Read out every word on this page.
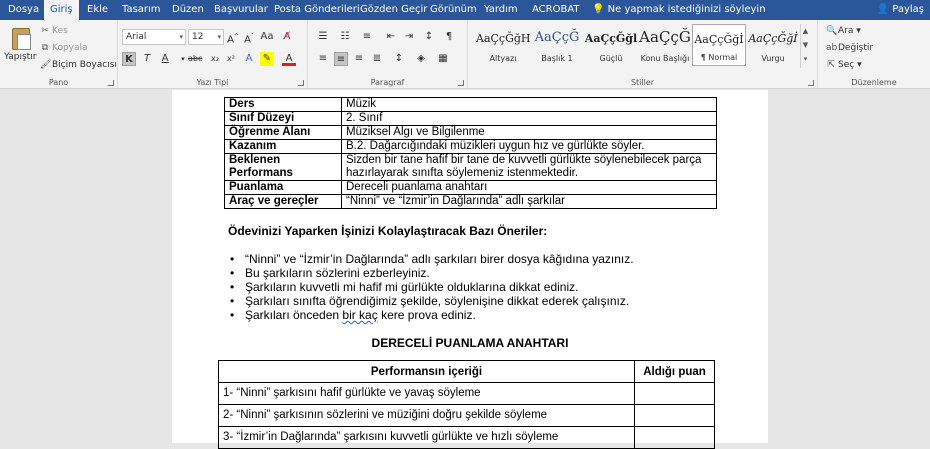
Dosya	Giriş	Ekle	Tasarım	Düzen	Başvurular Posta Gönderileri Gözden Geçir Görünüm Yardım	ACROBAT	💡 Ne yapmak istediğinizi söyleyin	👤 Paylaş
Yapıştır
✂ Kes
⧉ Kopyala
🖌Biçim Boyacısı
Pano
Arial	▾	12 ▾ A^ $A^ˇ$ Aa	A̸
K	T	A	▾ abc	x₂	x²	A	✎	A
Yazı Tipi
☰ ☷ ≡ ⇤ ⇥ ↕	¶
≡ ≡ ≡ ≣ ↕	◈	▦
Paragraf	Stiller
AaÇçĞğH
Altyazı
AaÇçĞ
Başlık 1
AaÇçĞğl
Güçlü
AaÇçĞ
Konu Başlığı
AaÇçĞğİ
¶ Normal
AaÇçĞğİ
Vurgu
▲
▼
▾
🔍Ara ▾
abDeğiştir
⇱ Seç ▾
Düzenleme
Ders	Müzik
Sınıf Düzeyi	2. Sınıf
Öğrenme Alanı	Müziksel Algı ve Bilgilenme
Kazanım	B.2. Dağarcığındaki müzikleri uygun hız ve gürlükte söyler.
Beklenen Performans	Sizden bir tane hafif bir tane de kuvvetli gürlükte söylenebilecek parça hazırlayarak sınıfta söylemeniz istenmektedir.
Puanlama	Dereceli puanlama anahtarı
Araç ve gereçler	“Ninni” ve “İzmir’in Dağlarında” adlı şarkılar
Ödevinizi Yaparken İşinizi Kolaylaştıracak Bazı Öneriler:
• “Ninni” ve “İzmir’in Dağlarında” adlı şarkıları birer dosya kâğıdına yazınız.
• Bu şarkıların sözlerini ezberleyiniz.
• Şarkıların kuvvetli mi hafif mi gürlükte olduklarına dikkat ediniz.
• Şarkıları sınıfta öğrendiğimiz şekilde, söylenişine dikkat ederek çalışınız.
• Şarkıları önceden bir kaç kere prova ediniz.
DERECELİ PUANLAMA ANAHTARI
Performansın içeriği	Aldığı puan
1- “Ninni” şarkısını hafif gürlükte ve yavaş söyleme	
2- “Ninni” şarkısının sözlerini ve müziğini doğru şekilde söyleme	
3- “İzmir’in Dağlarında” şarkısını kuvvetli gürlükte ve hızlı söyleme	
